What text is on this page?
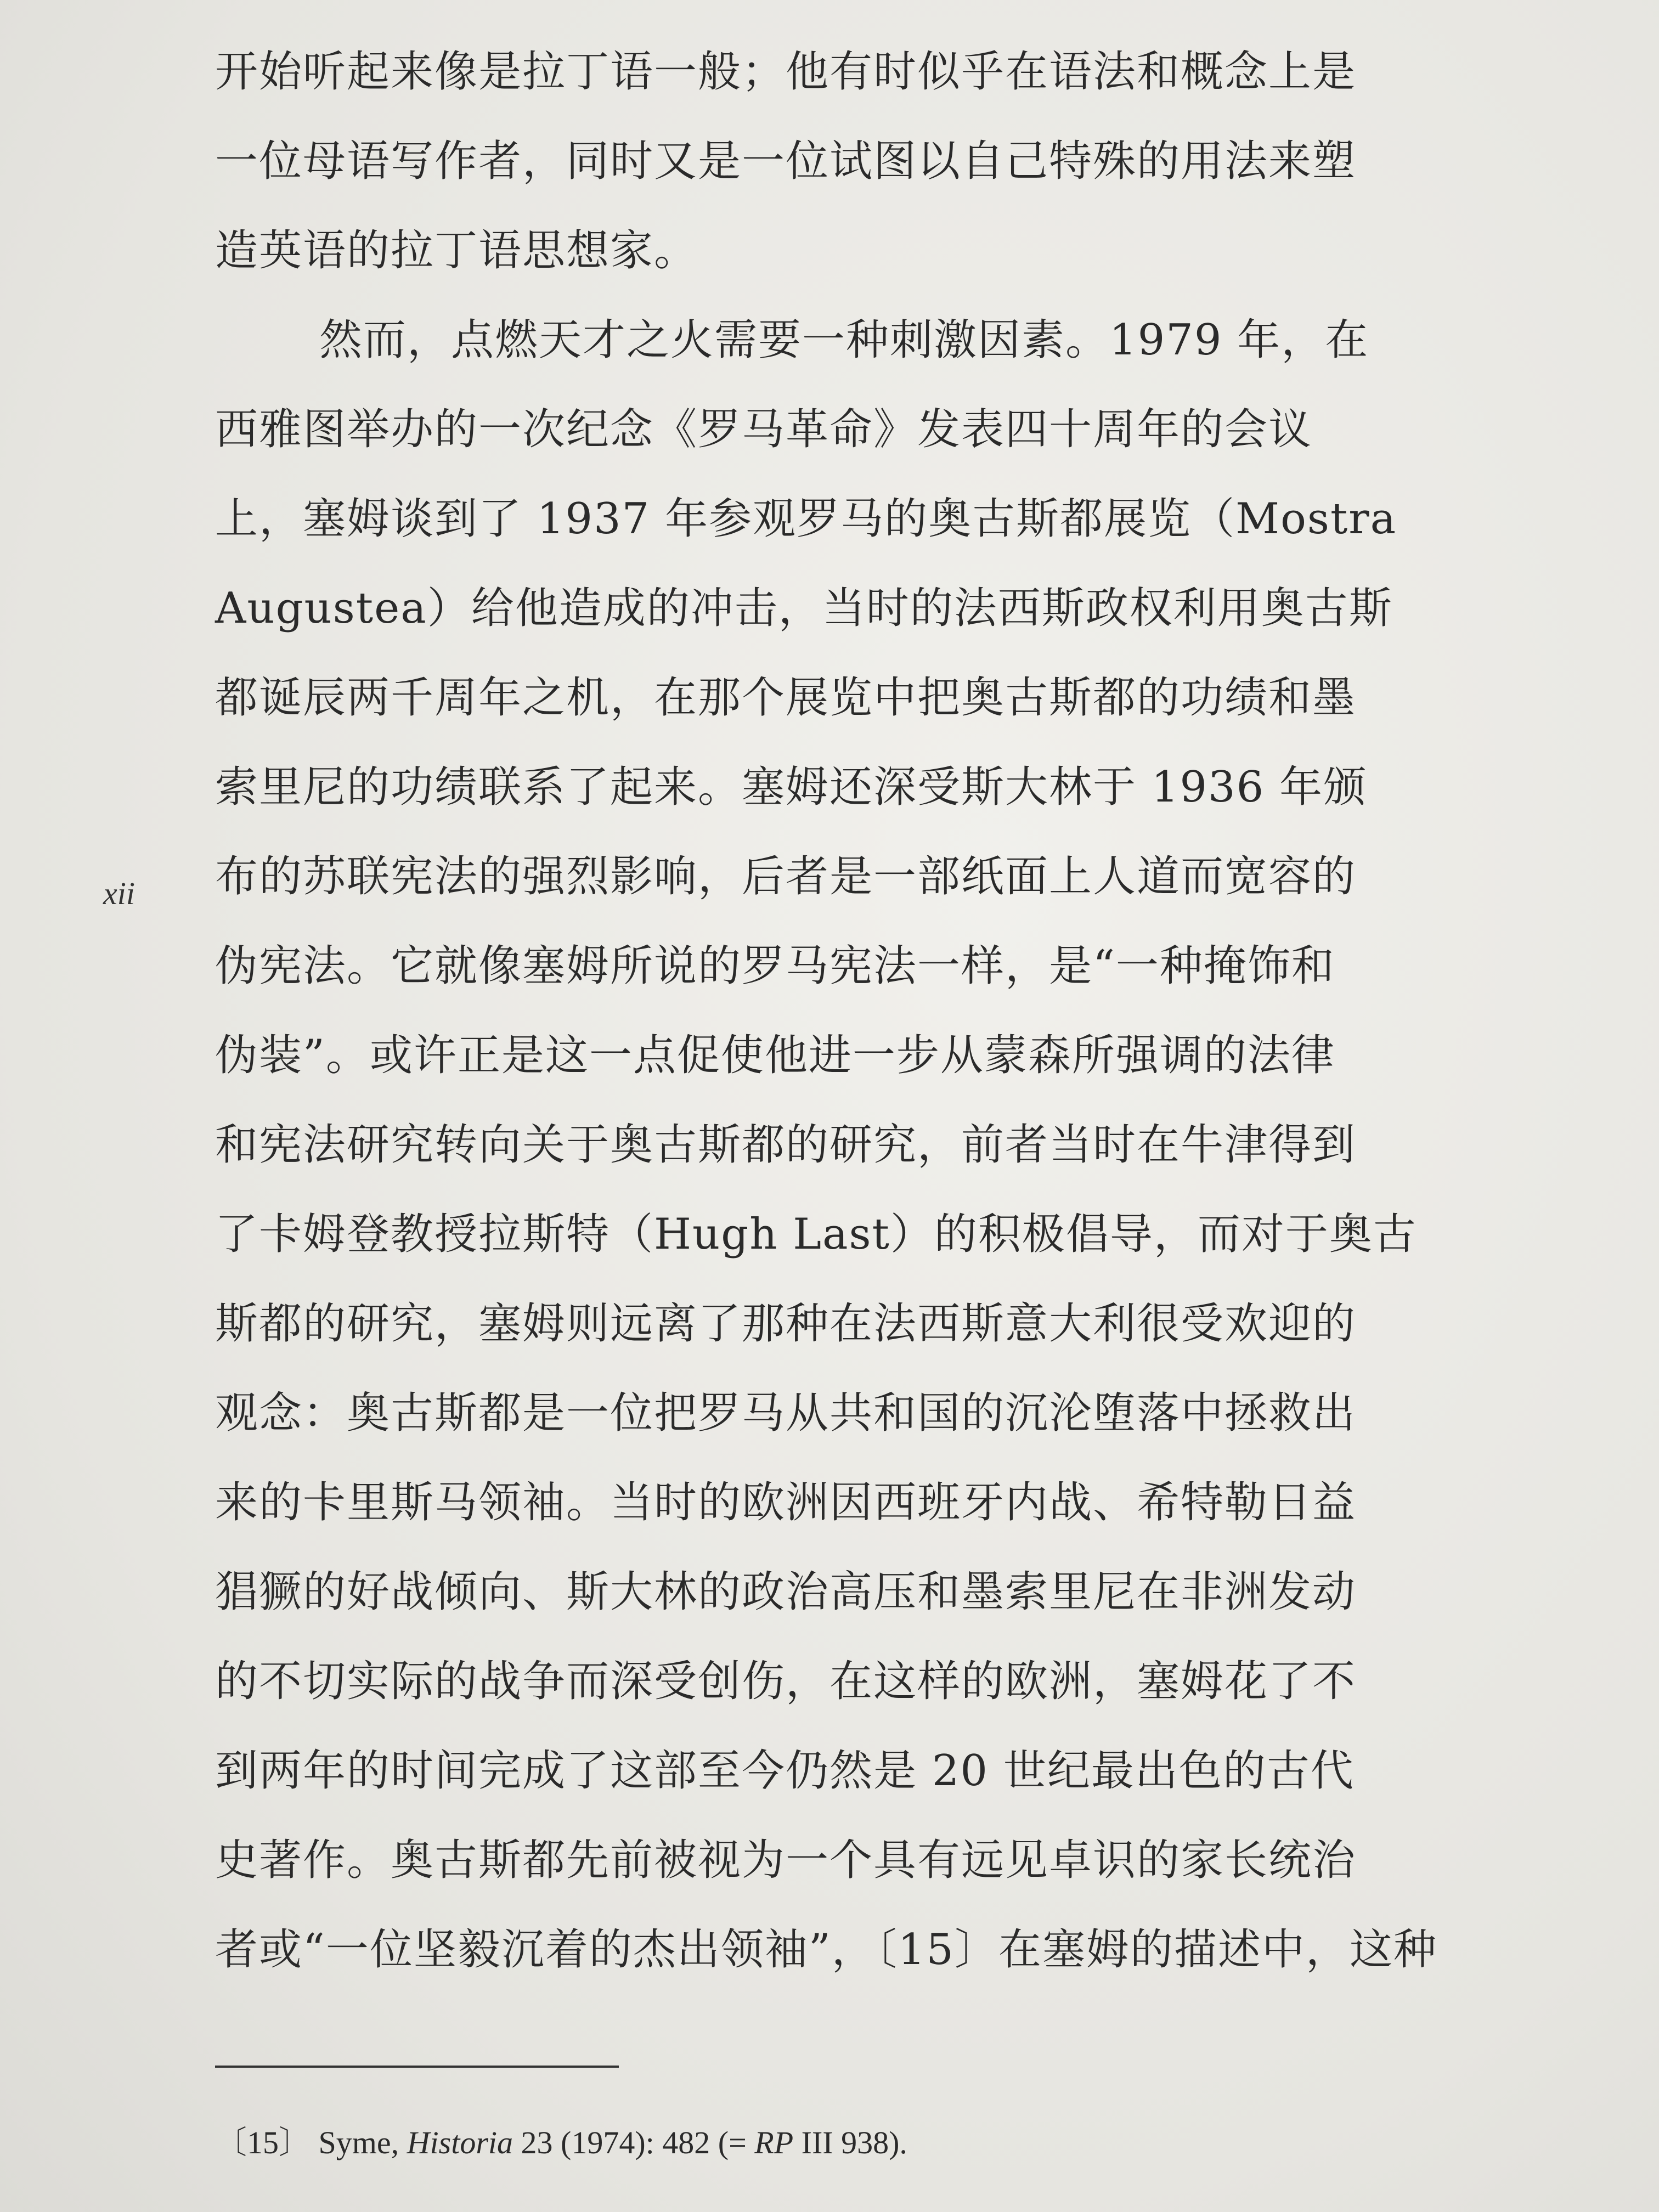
开始听起来像是拉丁语一般；他有时似乎在语法和概念上是
一位母语写作者，同时又是一位试图以自己特殊的用法来塑
造英语的拉丁语思想家。
然而，点燃天才之火需要一种刺激因素。1979 年，在
西雅图举办的一次纪念《罗马革命》发表四十周年的会议
上，塞姆谈到了 1937 年参观罗马的奥古斯都展览（Mostra
Augustea）给他造成的冲击，当时的法西斯政权利用奥古斯
都诞辰两千周年之机，在那个展览中把奥古斯都的功绩和墨
索里尼的功绩联系了起来。塞姆还深受斯大林于 1936 年颁
布的苏联宪法的强烈影响，后者是一部纸面上人道而宽容的
伪宪法。它就像塞姆所说的罗马宪法一样，是“一种掩饰和
伪装”。或许正是这一点促使他进一步从蒙森所强调的法律
和宪法研究转向关于奥古斯都的研究，前者当时在牛津得到
了卡姆登教授拉斯特（Hugh Last）的积极倡导，而对于奥古
斯都的研究，塞姆则远离了那种在法西斯意大利很受欢迎的
观念：奥古斯都是一位把罗马从共和国的沉沦堕落中拯救出
来的卡里斯马领袖。当时的欧洲因西班牙内战、希特勒日益
猖獗的好战倾向、斯大林的政治高压和墨索里尼在非洲发动
的不切实际的战争而深受创伤，在这样的欧洲，塞姆花了不
到两年的时间完成了这部至今仍然是 20 世纪最出色的古代
史著作。奥古斯都先前被视为一个具有远见卓识的家长统治
者或“一位坚毅沉着的杰出领袖”，〔15〕在塞姆的描述中，这种
xii
〔15〕 Syme, Historia 23 (1974): 482 (= RP III 938).
